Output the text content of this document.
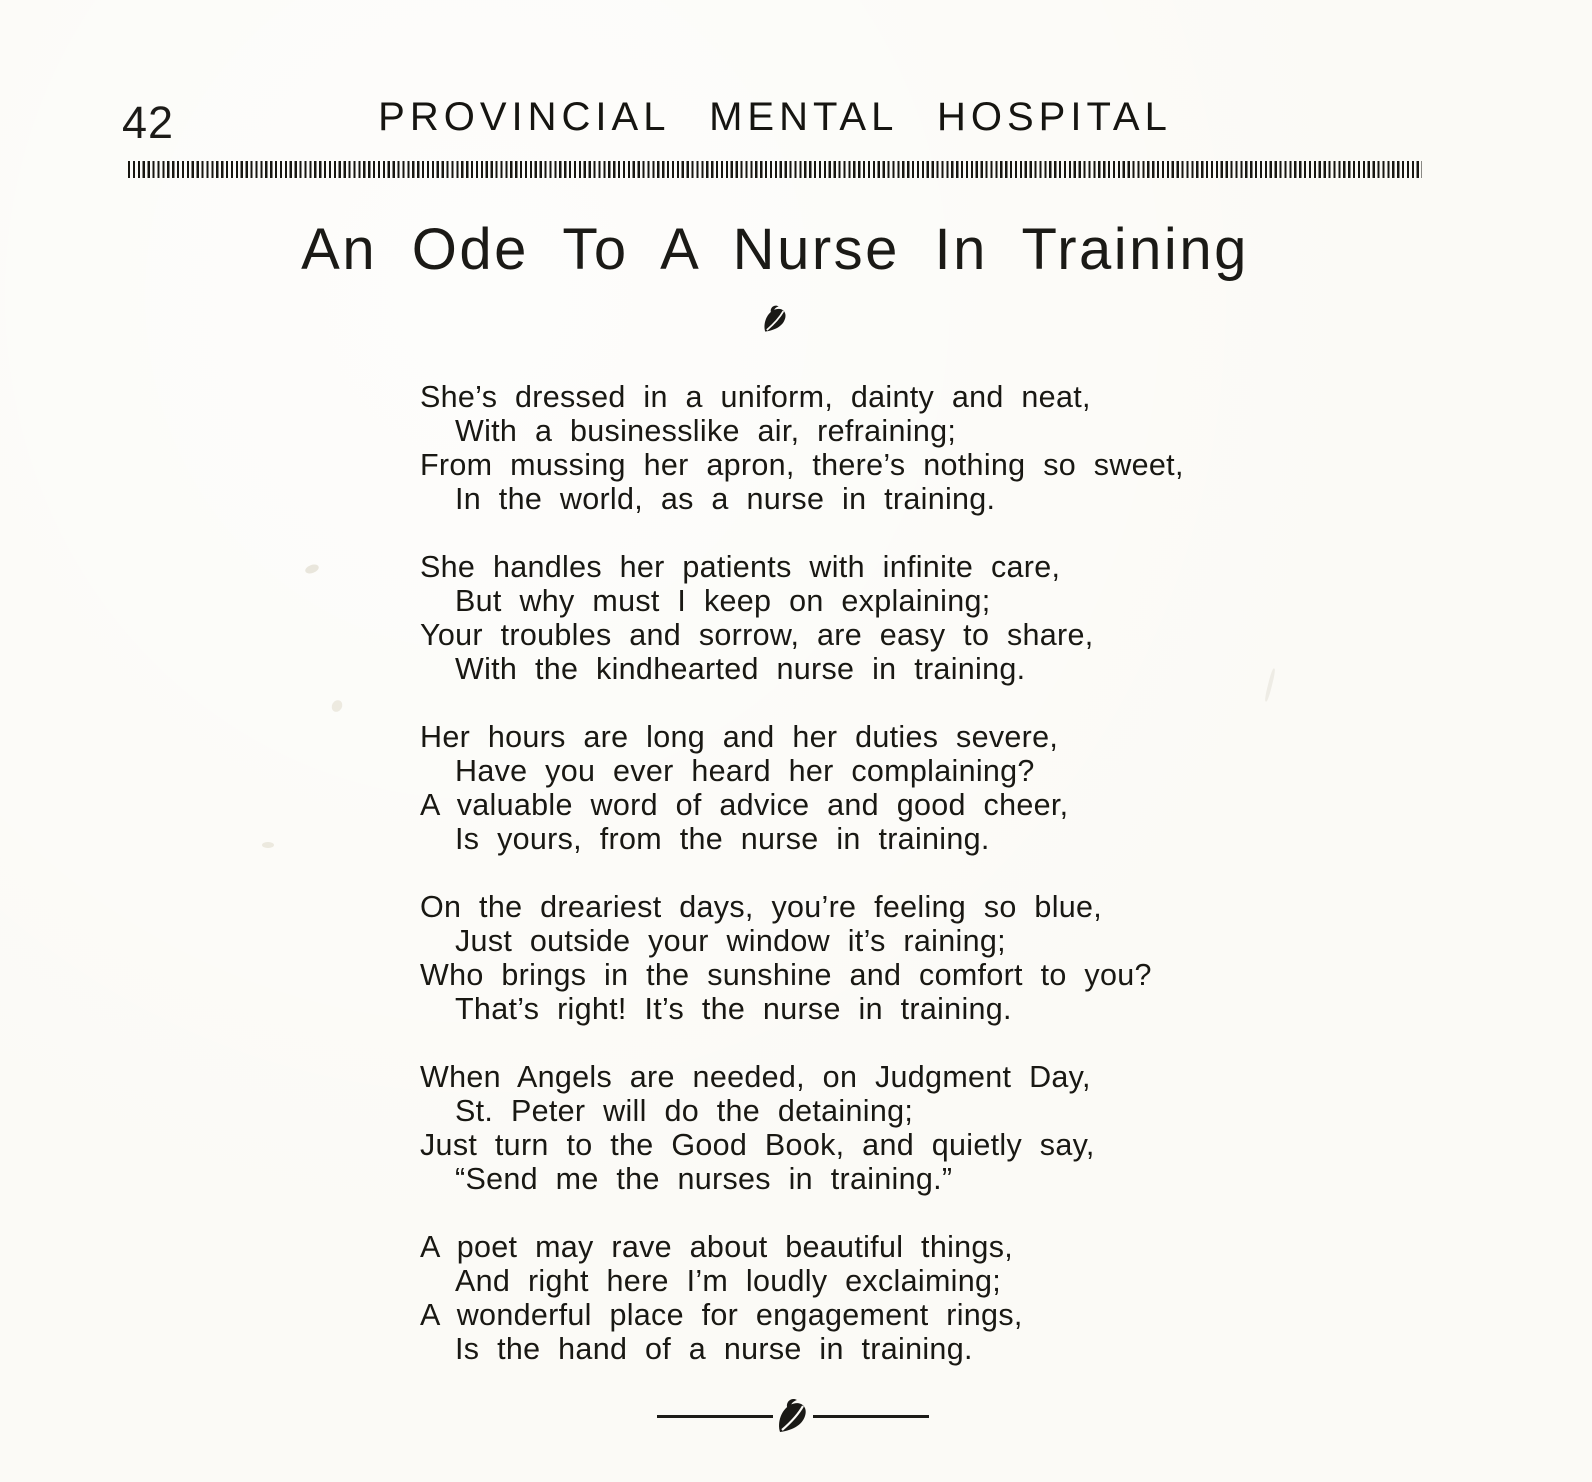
42	PROVINCIAL MENTAL HOSPITAL
An Ode To A Nurse In Training

She’s dressed in a uniform, dainty and neat,

With a businesslike air, refraining;

From mussing her apron, there’s nothing so sweet,

In the world, as a nurse in training.

She handles her patients with infinite care,

But why must I keep on explaining;

Your troubles and sorrow, are easy to share,

With the kindhearted nurse in training.

Her hours are long and her duties severe,

Have you ever heard her complaining?

A valuable word of advice and good cheer,

Is yours, from the nurse in training.

On the dreariest days, you’re feeling so blue,

Just outside your window it’s raining;

Who brings in the sunshine and comfort to you?

That’s right! It’s the nurse in training.

When Angels are needed, on Judgment Day,

St. Peter will do the detaining;

Just turn to the Good Book, and quietly say,

“Send me the nurses in training.”

A poet may rave about beautiful things,

And right here I’m loudly exclaiming;

A wonderful place for engagement rings,

Is the hand of a nurse in training.
